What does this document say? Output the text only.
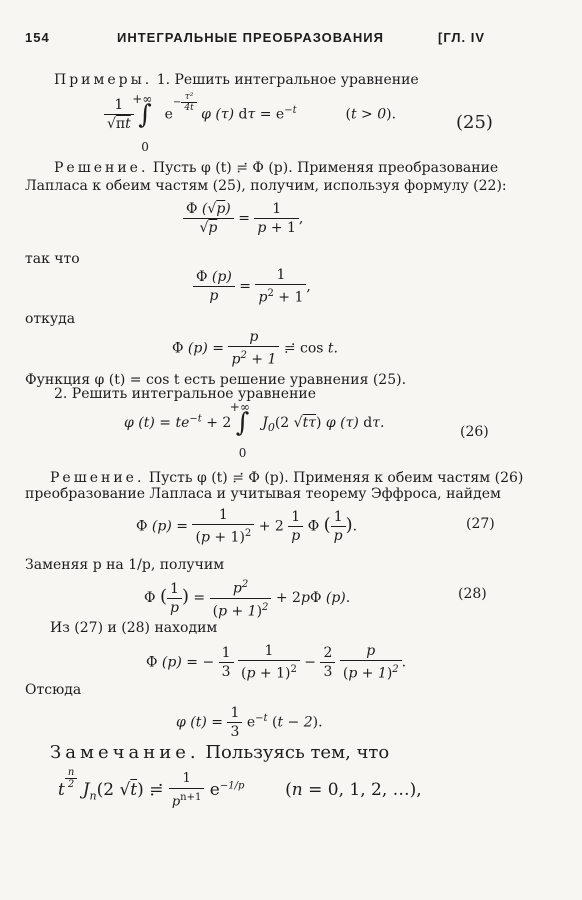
154	ИНТЕГРАЛЬНЫЕ ПРЕОБРАЗОВАНИЯ	[ГЛ. IV
Примеры. 1. Решить интегральное уравнение
$\frac{1}{√\pi t}$ ∫
+∞
0
$e^{- \frac{\text{τ²}}{4t}}$
φ (τ) $d\tau = e^{-t}$	(t > 0).	(25)
Решение. Пусть φ (t) ≓ Φ (p). Применяя преобразование
Лапласа к обеим частям (25), получим, используя формулу (22):
$\frac{\Phi (√p)}{√p} = \frac{1}{p + 1}$ ,
так что
$\frac{\Phi (p)}{p} = \frac{1}{p^2 + 1}$ ,
откуда
Φ $(p) = \frac{p}{p^2 + 1}$ ≓ cos t.
Функция φ (t) = cos t есть решение уравнения (25).
2. Решить интегральное уравнение
φ $(t) = te^{-t} + 2$ ∫
+∞
0
$J_0(2$ √tτ) φ (τ) dτ.
(26)
Решение. Пусть φ (t) ≓ Φ (p). Применяя к обеим частям (26)
преобразование Лапласа и учитывая теорему Эффроса, найдем
Φ $(p) = \frac{1}{(p + 1)^2} + 2 \frac{1}{p}$ Φ ( $\frac{1}{p}$ ).	(27)
Заменяя p на 1/p, получим
Φ ( $\frac{1}{p}$ ) = $\frac{p^2}{(p + 1)^2} + 2p\Phi$ (p).	(28)
Из (27) и (28) находим
Φ (p) = − $\frac{1}{3}$
$\frac{1}{(p + 1)^2} - \frac{2}{3}$
$\frac{p}{(p + 1)^2}$ .
Отсюда
φ $(t) = \frac{1}{3} e^{-t}$ (t − 2).
Замечание. Пользуясь тем, что
t $^{\frac{n}{2}}$ $J_n(2$ √t) ≓ $\frac{1}{p^{n+1}} e^{-1/p}$ (n = 0, 1, 2, …),
